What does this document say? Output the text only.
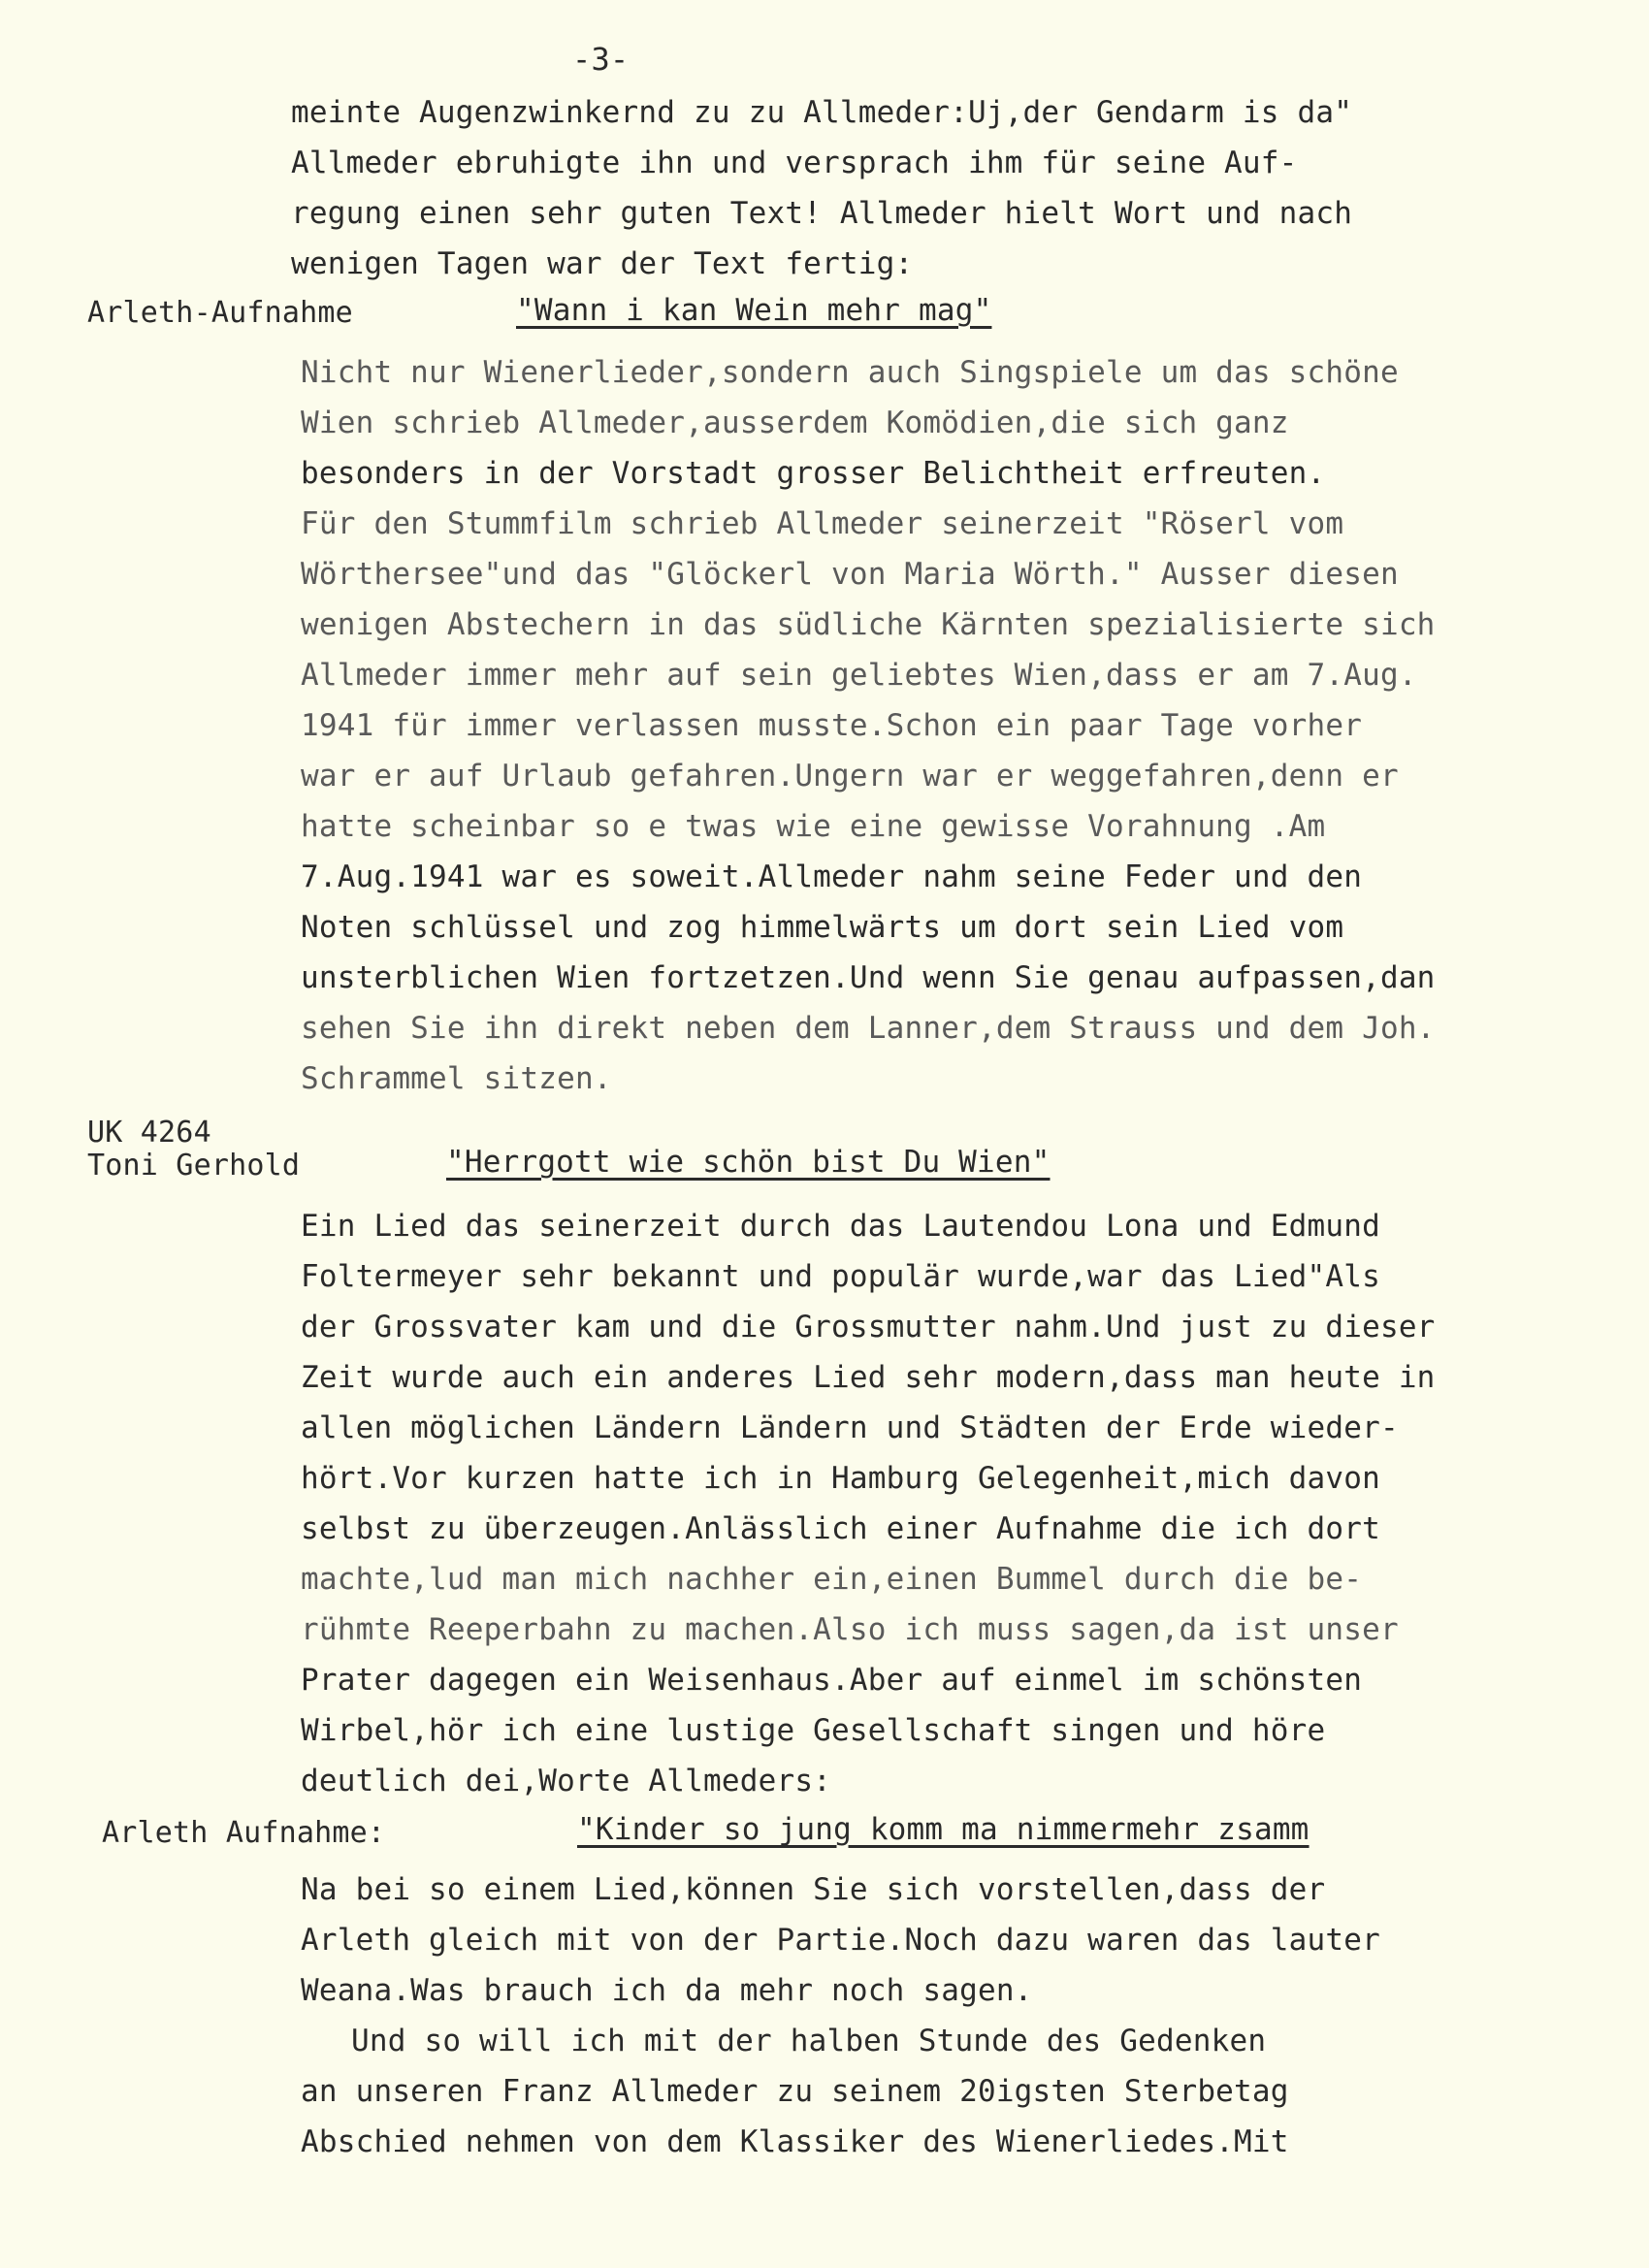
-3-
meinte Augenzwinkernd zu zu Allmeder:Uj,der Gendarm is da"
Allmeder ebruhigte ihn und versprach ihm für seine Auf-
regung einen sehr guten Text! Allmeder hielt Wort und nach
wenigen Tagen war der Text fertig:
Arleth-Aufnahme	"Wann i kan Wein mehr mag"
Nicht nur Wienerlieder,sondern auch Singspiele um das schöne
Wien schrieb Allmeder,ausserdem Komödien,die sich ganz
besonders in der Vorstadt grosser Belichtheit erfreuten.
Für den Stummfilm schrieb Allmeder seinerzeit "Röserl vom
Wörthersee"und das "Glöckerl von Maria Wörth." Ausser diesen
wenigen Abstechern in das südliche Kärnten spezialisierte sich
Allmeder immer mehr auf sein geliebtes Wien,dass er am 7.Aug.
1941 für immer verlassen musste.Schon ein paar Tage vorher
war er auf Urlaub gefahren.Ungern war er weggefahren,denn er
hatte scheinbar so e twas wie eine gewisse Vorahnung .Am
7.Aug.1941 war es soweit.Allmeder nahm seine Feder und den
Noten schlüssel und zog himmelwärts um dort sein Lied vom
unsterblichen Wien fortzetzen.Und wenn Sie genau aufpassen,dan
sehen Sie ihn direkt neben dem Lanner,dem Strauss und dem Joh.
Schrammel sitzen.
UK 4264
Toni Gerhold	"Herrgott wie schön bist Du Wien"
Ein Lied das seinerzeit durch das Lautendou Lona und Edmund
Foltermeyer sehr bekannt und populär wurde,war das Lied"Als
der Grossvater kam und die Grossmutter nahm.Und just zu dieser
Zeit wurde auch ein anderes Lied sehr modern,dass man heute in
allen möglichen Ländern Ländern und Städten der Erde wieder-
hört.Vor kurzen hatte ich in Hamburg Gelegenheit,mich davon
selbst zu überzeugen.Anlässlich einer Aufnahme die ich dort
machte,lud man mich nachher ein,einen Bummel durch die be-
rühmte Reeperbahn zu machen.Also ich muss sagen,da ist unser
Prater dagegen ein Weisenhaus.Aber auf einmel im schönsten
Wirbel,hör ich eine lustige Gesellschaft singen und höre
deutlich dei,Worte Allmeders:
Arleth Aufnahme:	"Kinder so jung komm ma nimmermehr zsamm
Na bei so einem Lied,können Sie sich vorstellen,dass der
Arleth gleich mit von der Partie.Noch dazu waren das lauter
Weana.Was brauch ich da mehr noch sagen.
Und so will ich mit der halben Stunde des Gedenken
an unseren Franz Allmeder zu seinem 20igsten Sterbetag
Abschied nehmen von dem Klassiker des Wienerliedes.Mit
